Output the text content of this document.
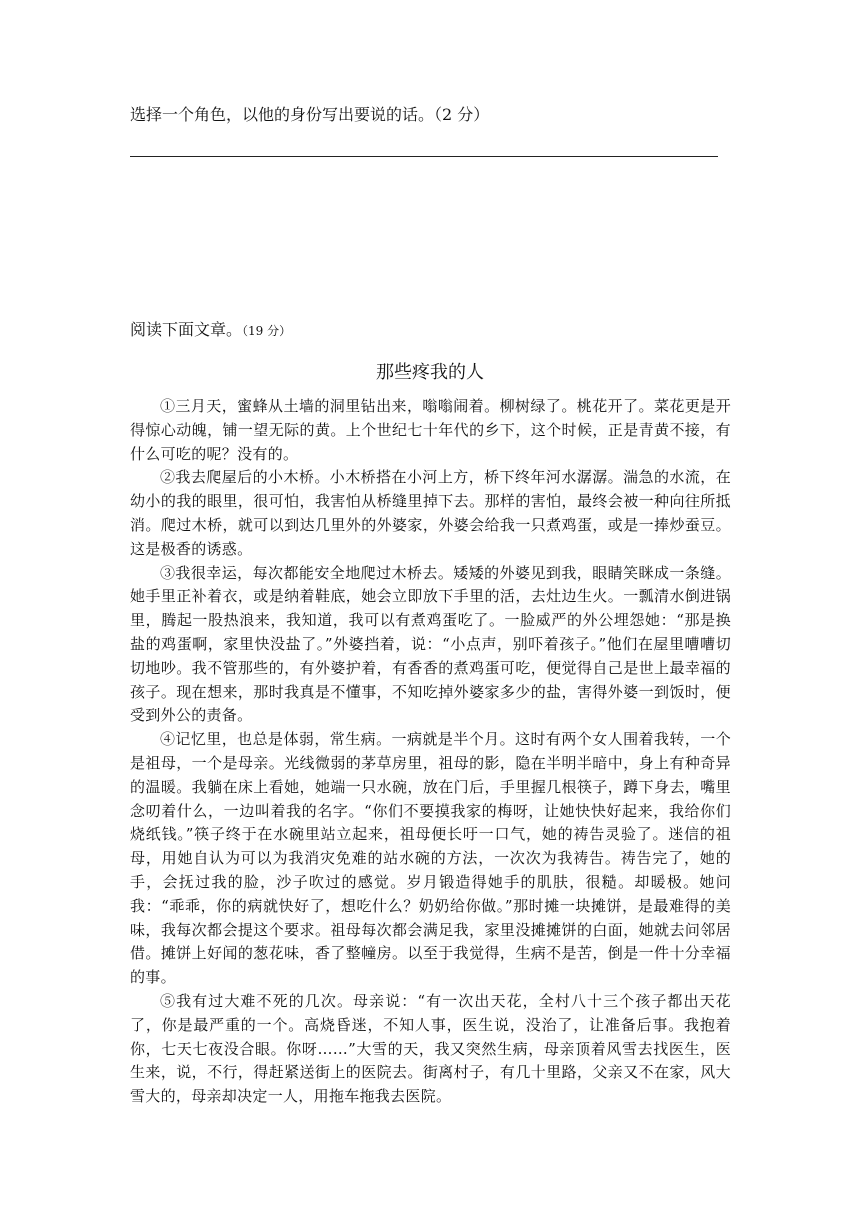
选择一个角色，以他的身份写出要说的话。（2 分）
阅读下面文章。（19 分）
那些疼我的人

①三月天，蜜蜂从土墙的洞里钻出来，嗡嗡闹着。柳树绿了。桃花开了。菜花更是开得惊心动魄，铺一望无际的黄。上个世纪七十年代的乡下，这个时候，正是青黄不接，有什么可吃的呢？没有的。

②我去爬屋后的小木桥。小木桥搭在小河上方，桥下终年河水潺潺。湍急的水流，在幼小的我的眼里，很可怕，我害怕从桥缝里掉下去。那样的害怕，最终会被一种向往所抵消。爬过木桥，就可以到达几里外的外婆家，外婆会给我一只煮鸡蛋，或是一捧炒蚕豆。这是极香的诱惑。

③我很幸运，每次都能安全地爬过木桥去。矮矮的外婆见到我，眼睛笑眯成一条缝。她手里正补着衣，或是纳着鞋底，她会立即放下手里的活，去灶边生火。一瓢清水倒进锅里，腾起一股热浪来，我知道，我可以有煮鸡蛋吃了。一脸威严的外公埋怨她：“那是换盐的鸡蛋啊，家里快没盐了。”外婆挡着，说：“小点声，别吓着孩子。”他们在屋里嘈嘈切切地吵。我不管那些的，有外婆护着，有香香的煮鸡蛋可吃，便觉得自己是世上最幸福的孩子。现在想来，那时我真是不懂事，不知吃掉外婆家多少的盐，害得外婆一到饭时，便受到外公的责备。

④记忆里，也总是体弱，常生病。一病就是半个月。这时有两个女人围着我转，一个是祖母，一个是母亲。光线微弱的茅草房里，祖母的影，隐在半明半暗中，身上有种奇异的温暖。我躺在床上看她，她端一只水碗，放在门后，手里握几根筷子，蹲下身去，嘴里念叨着什么，一边叫着我的名字。“你们不要摸我家的梅呀，让她快快好起来，我给你们烧纸钱。”筷子终于在水碗里站立起来，祖母便长吁一口气，她的祷告灵验了。迷信的祖母，用她自认为可以为我消灾免难的站水碗的方法，一次次为我祷告。祷告完了，她的手，会抚过我的脸，沙子吹过的感觉。岁月锻造得她手的肌肤，很糙。却暖极。她问我：“乖乖，你的病就快好了，想吃什么？奶奶给你做。”那时摊一块摊饼，是最难得的美味，我每次都会提这个要求。祖母每次都会满足我，家里没摊摊饼的白面，她就去问邻居借。摊饼上好闻的葱花味，香了整幢房。以至于我觉得，生病不是苦，倒是一件十分幸福的事。

⑤我有过大难不死的几次。母亲说：“有一次出天花，全村八十三个孩子都出天花了，你是最严重的一个。高烧昏迷，不知人事，医生说，没治了，让准备后事。我抱着你，七天七夜没合眼。你呀……”大雪的天，我又突然生病，母亲顶着风雪去找医生，医生来，说，不行，得赶紧送街上的医院去。街离村子，有几十里路，父亲又不在家，风大雪大的，母亲却决定一人，用拖车拖我去医院。
